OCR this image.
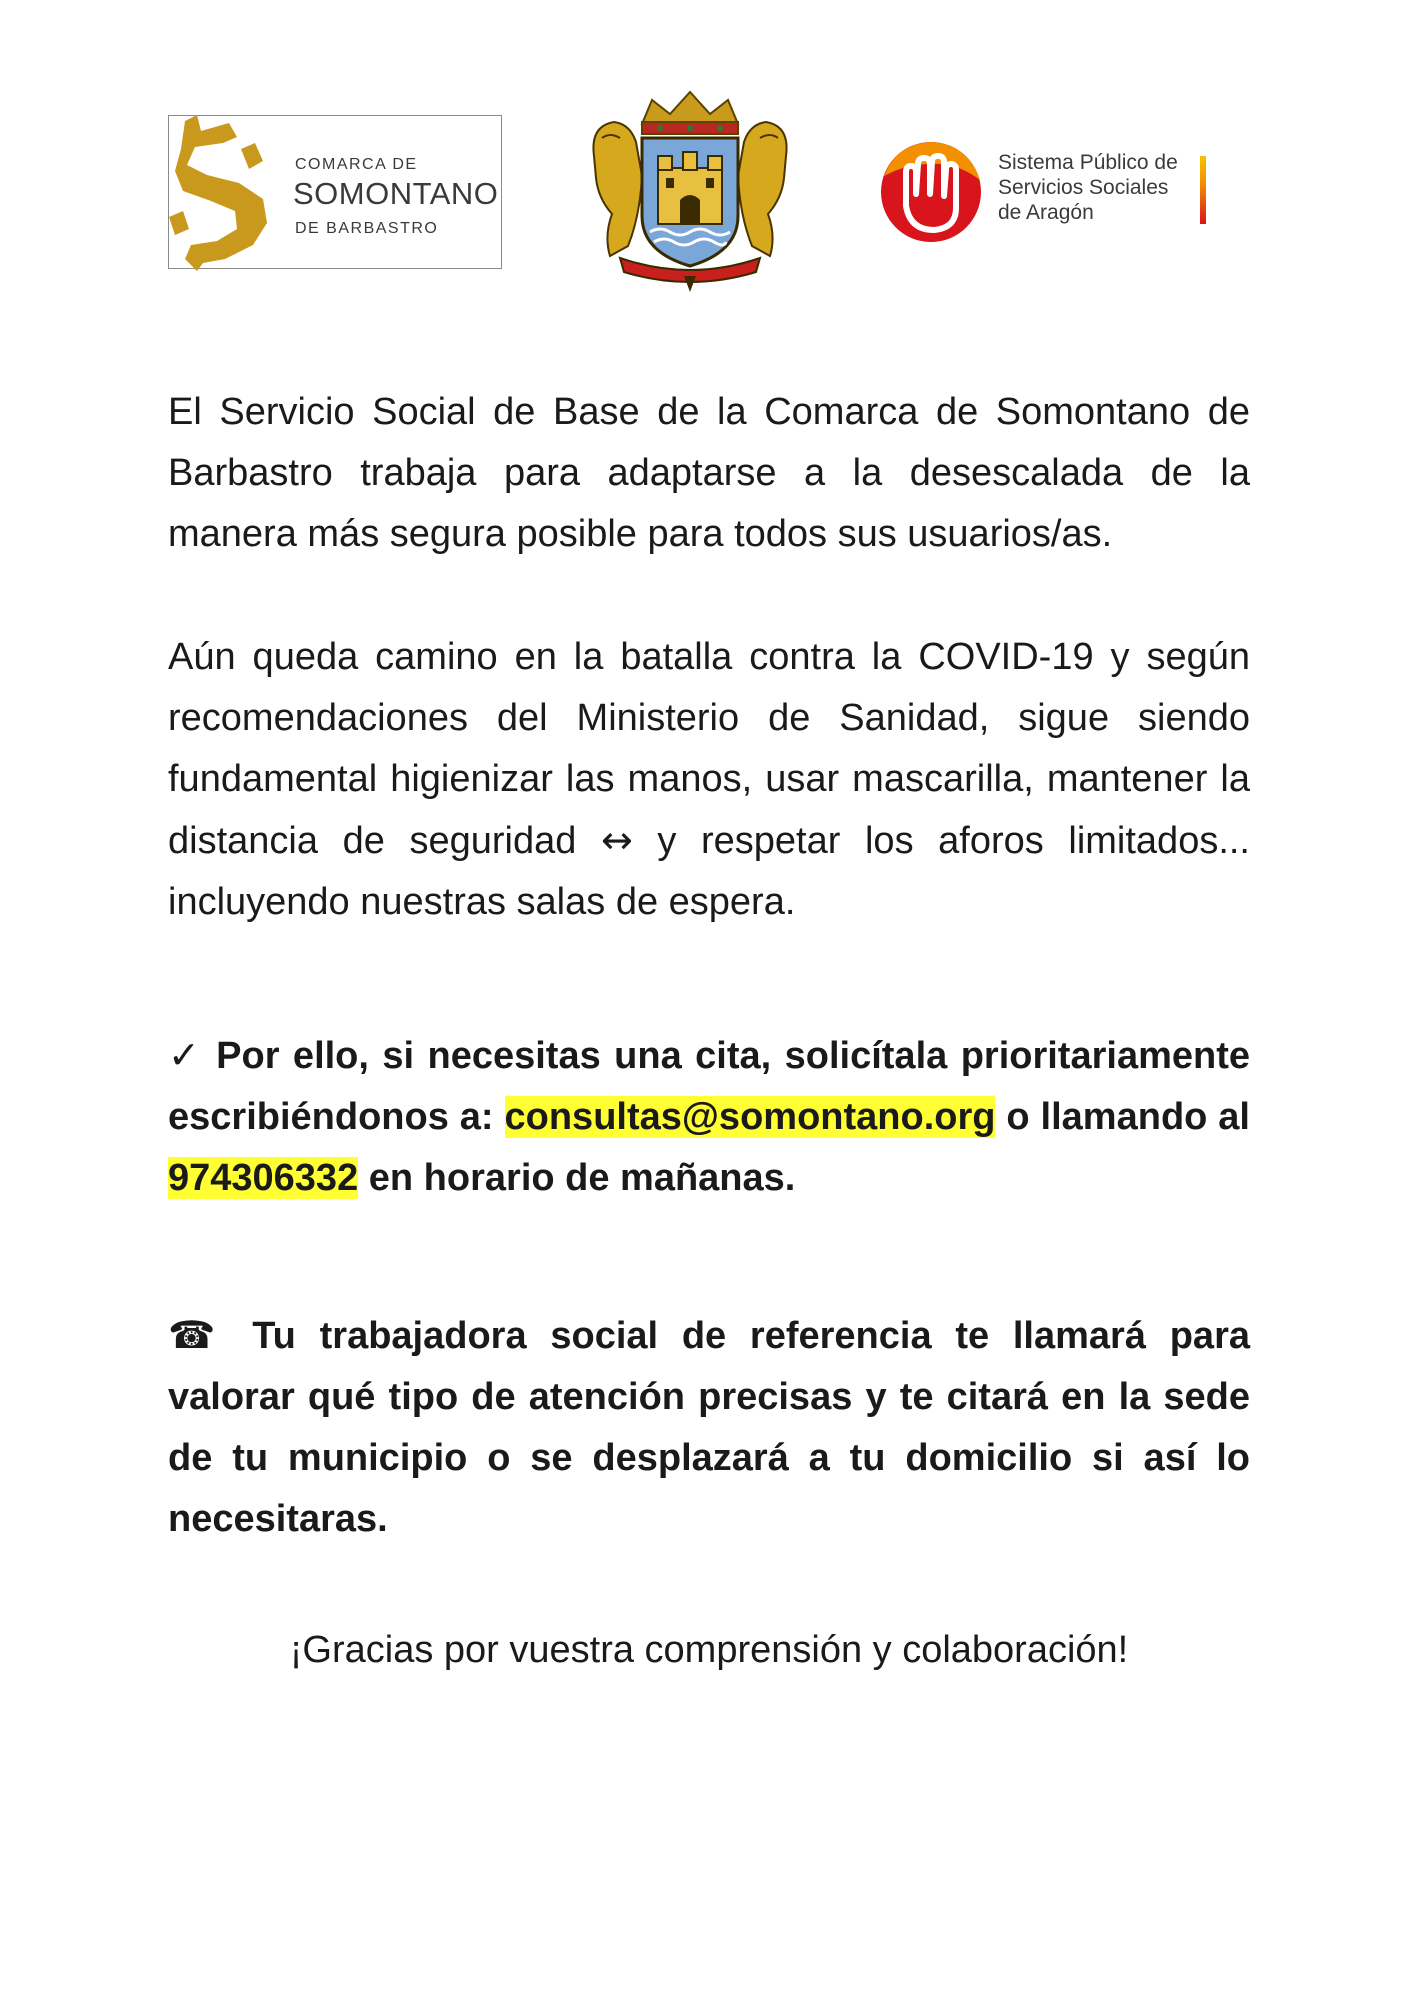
COMARCA DE
SOMONTANO
DE BARBASTRO
Sistema Público de
Servicios Sociales
de Aragón

El Servicio Social de Base de la Comarca de Somontano de Barbastro trabaja para adaptarse a la desescalada de la manera más segura posible para todos sus usuarios/as.

Aún queda camino en la batalla contra la COVID-19 y según recomendaciones del Ministerio de Sanidad, sigue siendo fundamental higienizar las manos, usar mascarilla, mantener la distancia de seguridad ↔ y respetar los aforos limitados... incluyendo nuestras salas de espera.

✓ Por ello, si necesitas una cita, solicítala prioritariamente escribiéndonos a: consultas@somontano.org o llamando al 974306332 en horario de mañanas.

☎ Tu trabajadora social de referencia te llamará para valorar qué tipo de atención precisas y te citará en la sede de tu municipio o se desplazará a tu domicilio si así lo necesitaras.

¡Gracias por vuestra comprensión y colaboración!
